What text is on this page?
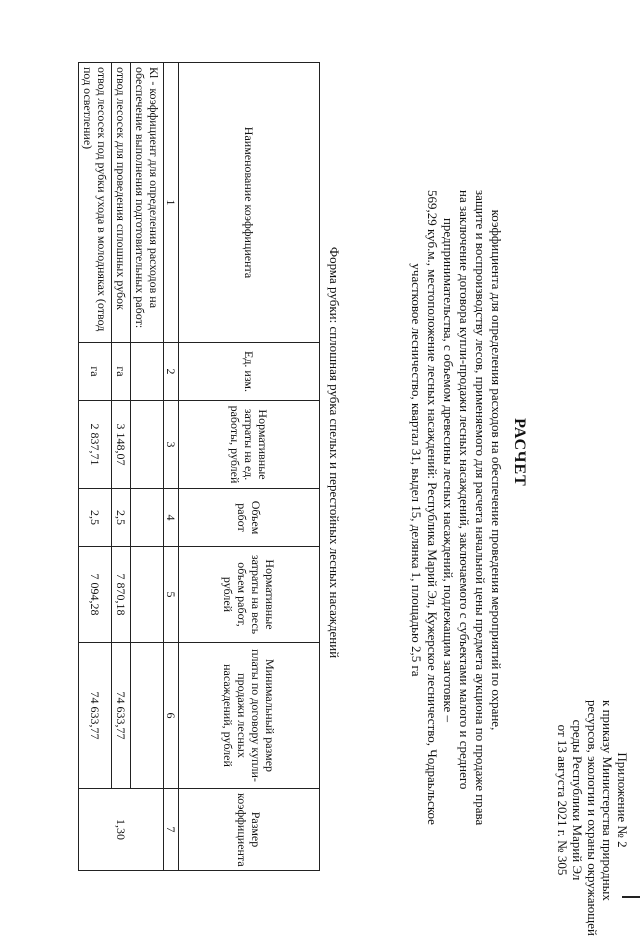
Приложение № 2
к приказу Министерства природных
ресурсов, экологии и охраны окружающей
среды Республики Марий Эл
от 13 августа 2021 г. № 305
РАСЧЕТ
коэффициента для определения расходов на обеспечение проведения мероприятий по охране,
защите и воспроизводству лесов, применяемого для расчета начальной цены предмета аукциона по продаже права
на заключение договора купли-продажи лесных насаждений, заключаемого с субъектами малого и среднего
предпринимательства, с объемом древесины лесных насаждений, подлежащим заготовке –
569,29 куб.м., местоположение лесных насаждений: Республика Марий Эл, Кужерское лесничество, Чодраьльское
участковое лесничество, квартал 31, выдел 15, делянка 1, площадью 2,5 га
Форма рубки: сплошная рубка спелых и перестойных лесных насаждений
Наименование коэффициента	Ед. изм.	Нормативные затраты на ед. работы, рублей	Объем работ	Нормативные затраты на весь объем работ, рублей	Минимальный размер платы по договору купли-продажи лесных насаждений, рублей	Размер коэффициента
1	2	3	4	5	6	7
Кl - коэффициент для определения расходов на обеспечение выполнения подготовительных работ:						1,30
отвод лесосек для проведения сплошных рубок	га	3 148,07	2,5	7 870,18	74 633,77	
отвод лесосек под рубки ухода в молодняках (отвод под осветление)	га	2 837,71	2,5	7 094,28	74 633,77	
